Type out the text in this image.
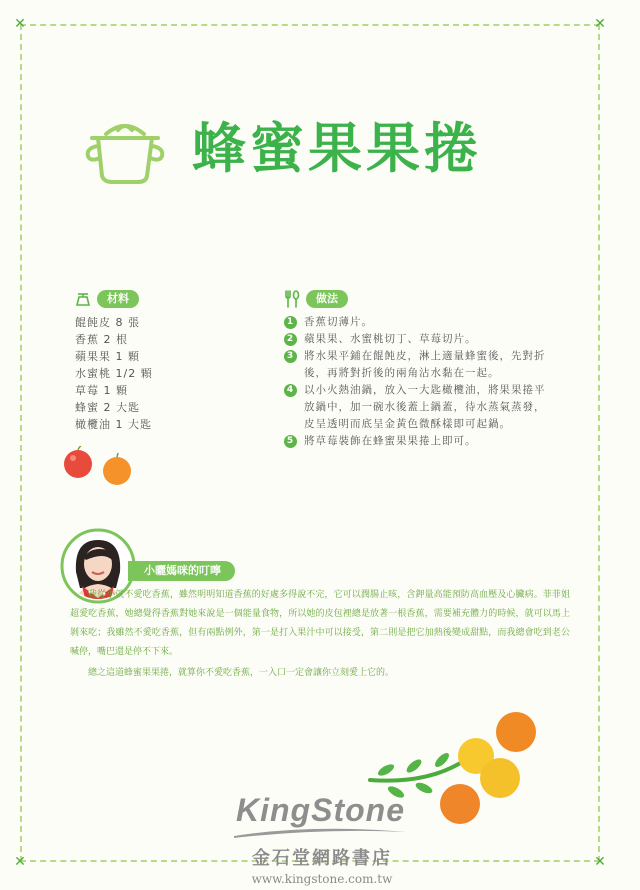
✕	✕
✕	✕
蜂蜜果果捲
材料
餛飩皮 8 張
香蕉 2 根
蘋果果 1 顆
水蜜桃 1/2 顆
草莓 1 顆
蜂蜜 2 大匙
橄欖油 1 大匙
做法
1 香蕉切薄片。
2 蘋果果、水蜜桃切丁、草莓切片。
3 將水果平鋪在餛飩皮，淋上適量蜂蜜後，先對折後，再將對折後的兩角沾水黏在一起。
4 以小火熱油鍋，放入一大匙橄欖油，將果果捲平放鍋中，加一碗水後蓋上鍋蓋，待水蒸氣蒸發，皮呈透明而底呈金黃色微酥樣即可起鍋。
5 將草莓裝飾在蜂蜜果果捲上即可。
小曬媽咪的叮嚀

我從小就不愛吃香蕉，雖然明明知道香蕉的好處多得說不完，它可以潤腸止咳，含鉀量高能預防高血壓及心臟病。菲菲姐超愛吃香蕉，她總覺得香蕉對她來說是一個能量食物，所以她的皮包裡總是放著一根香蕉，需要補充體力的時候，就可以馬上剝來吃；我雖然不愛吃香蕉，但有兩點例外，第一是打入果汁中可以接受，第二則是把它加熱後變成甜點，而我總會吃到老公喊停，嘴巴還是停不下來。

總之這道蜂蜜果果捲，就算你不愛吃香蕉，一入口一定會讓你立刻愛上它的。

KingStone
金石堂網路書店
www.kingstone.com.tw
